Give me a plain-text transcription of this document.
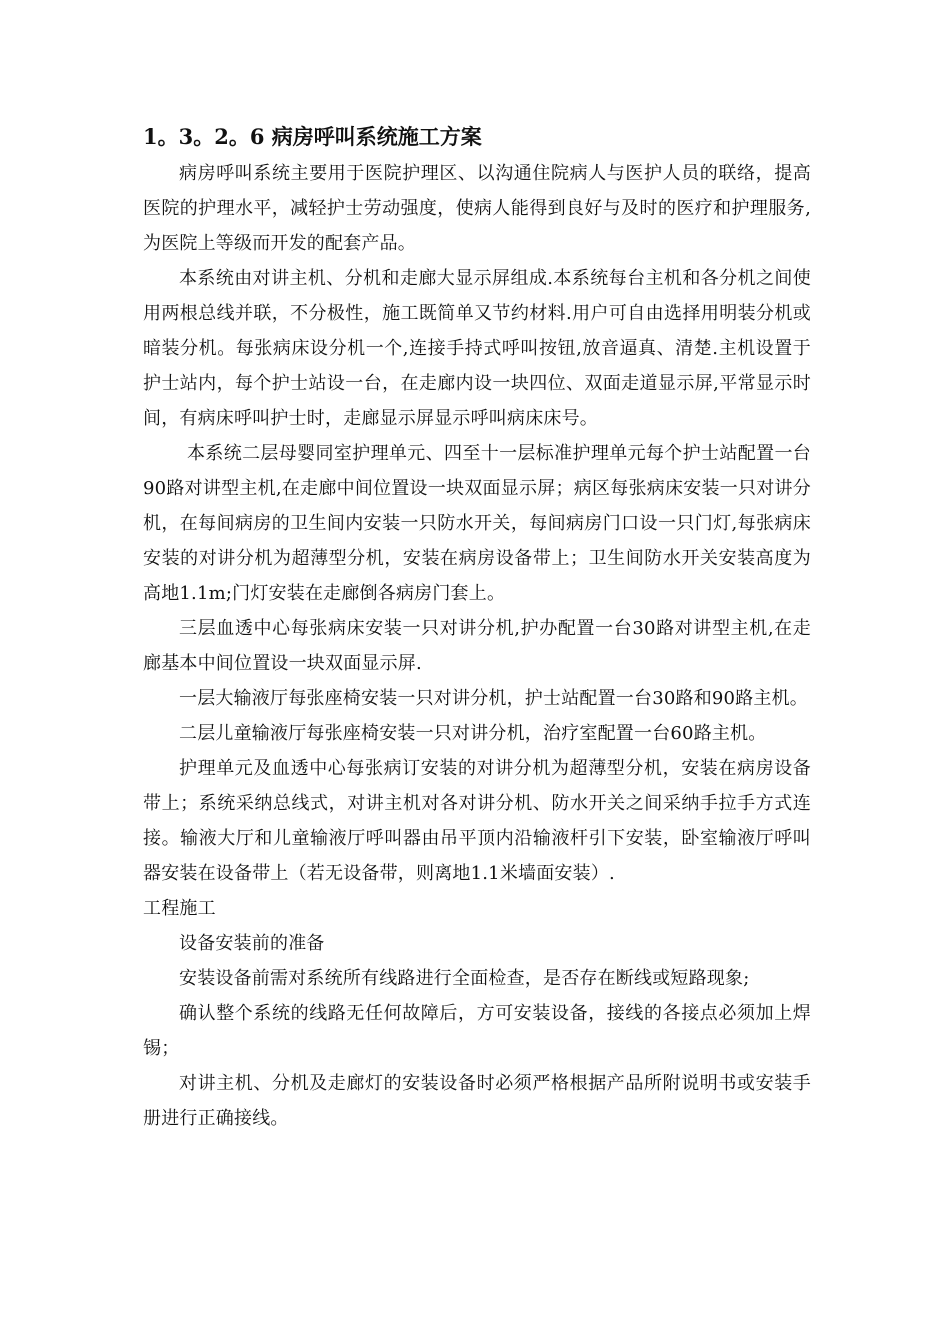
1。3。2。6 病房呼叫系统施工方案

病房呼叫系统主要用于医院护理区、以沟通住院病人与医护人员的联络，提高医院的护理水平，减轻护士劳动强度，使病人能得到良好与及时的医疗和护理服务,为医院上等级而开发的配套产品。

本系统由对讲主机、分机和走廊大显示屏组成.本系统每台主机和各分机之间使用两根总线并联，不分极性，施工既简单又节约材料.用户可自由选择用明装分机或暗装分机。每张病床设分机一个,连接手持式呼叫按钮,放音逼真、清楚.主机设置于护士站内，每个护士站设一台，在走廊内设一块四位、双面走道显示屏,平常显示时间，有病床呼叫护士时，走廊显示屏显示呼叫病床床号。

本系统二层母婴同室护理单元、四至十一层标准护理单元每个护士站配置一台90路对讲型主机,在走廊中间位置设一块双面显示屏；病区每张病床安装一只对讲分机，在每间病房的卫生间内安装一只防水开关，每间病房门口设一只门灯,每张病床安装的对讲分机为超薄型分机，安装在病房设备带上；卫生间防水开关安装高度为高地1.1m;门灯安装在走廊倒各病房门套上。

三层血透中心每张病床安装一只对讲分机,护办配置一台30路对讲型主机,在走廊基本中间位置设一块双面显示屏.

一层大输液厅每张座椅安装一只对讲分机，护士站配置一台30路和90路主机。

二层儿童输液厅每张座椅安装一只对讲分机，治疗室配置一台60路主机。

护理单元及血透中心每张病订安装的对讲分机为超薄型分机，安装在病房设备带上；系统采纳总线式，对讲主机对各对讲分机、防水开关之间采纳手拉手方式连接。输液大厅和儿童输液厅呼叫器由吊平顶内沿输液杆引下安装，卧室输液厅呼叫器安装在设备带上（若无设备带，则离地1.1米墙面安装）.

工程施工

设备安装前的准备

安装设备前需对系统所有线路进行全面检查，是否存在断线或短路现象;

确认整个系统的线路无任何故障后，方可安装设备，接线的各接点必须加上焊锡；

对讲主机、分机及走廊灯的安装设备时必须严格根据产品所附说明书或安装手册进行正确接线。
